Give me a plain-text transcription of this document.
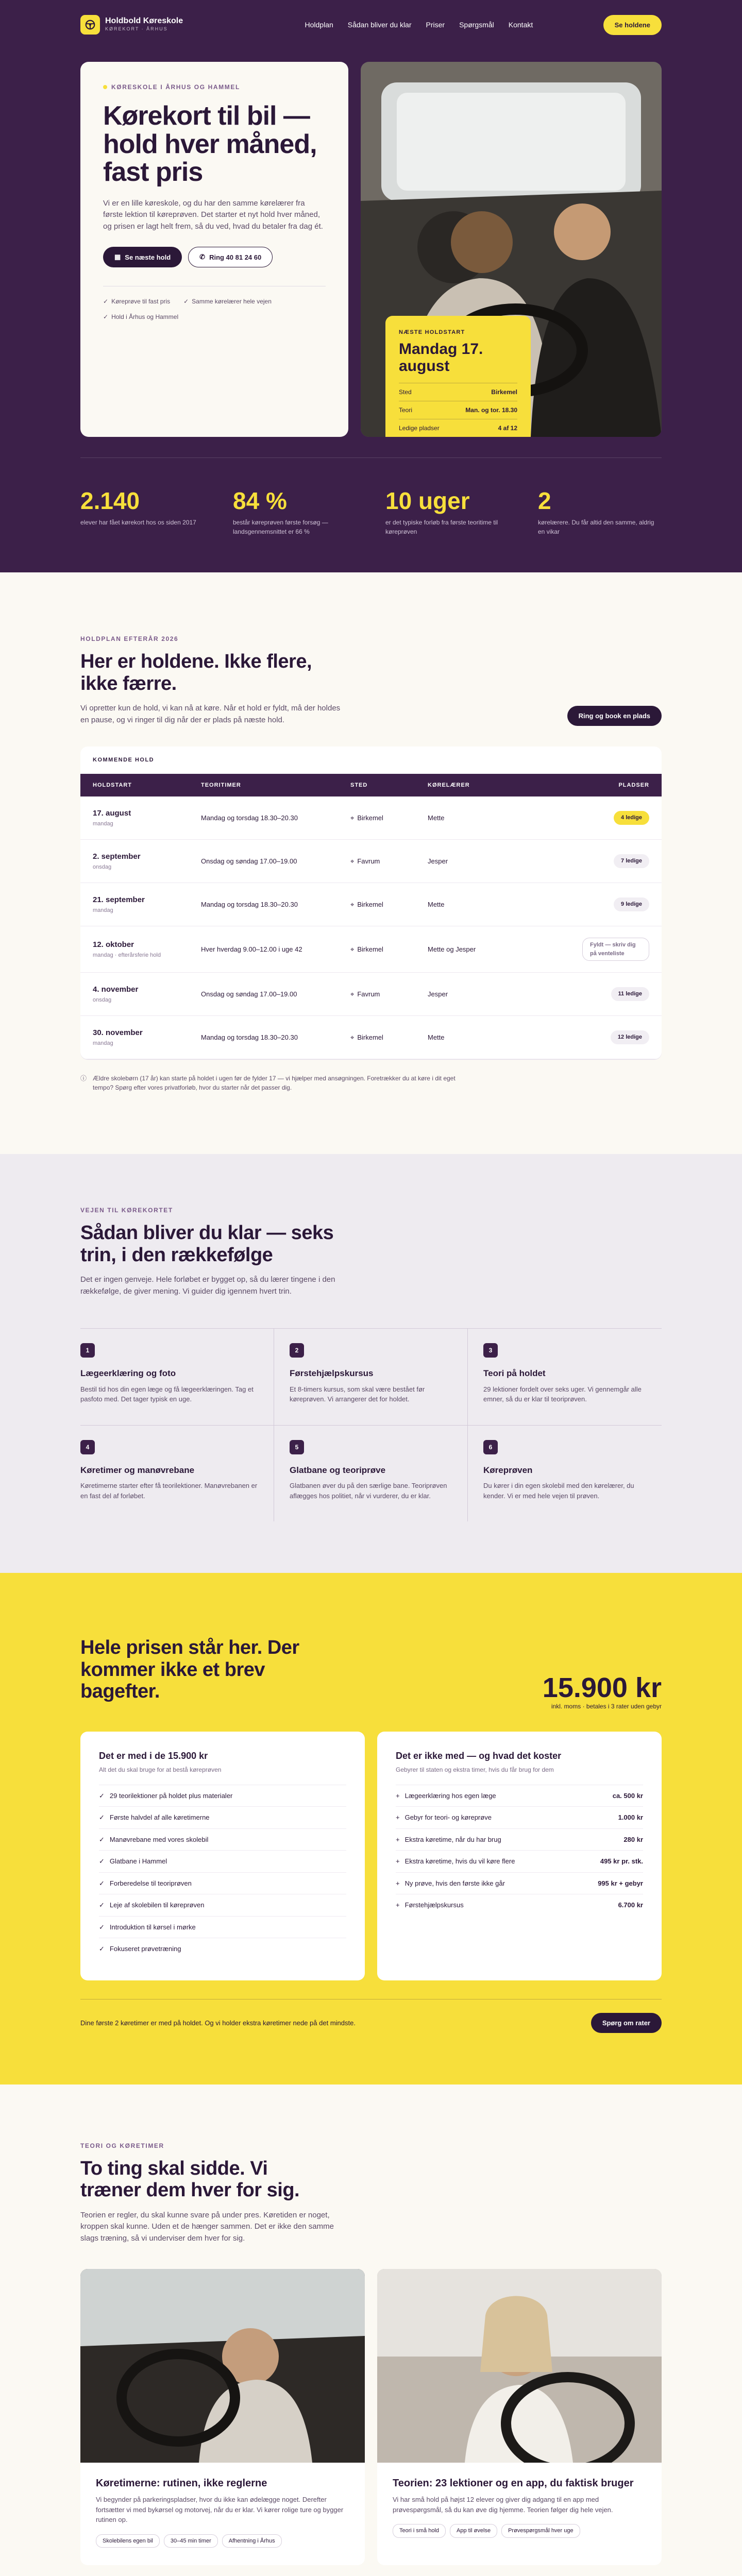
Holdbold Køreskole
KØREKORT · ÅRHUS
Holdplan Sådan bliver du klar Priser Spørgsmål Kontakt	Se holdene
KØRESKOLE I ÅRHUS OG HAMMEL
Kørekort til bil — hold hver måned, fast pris

Vi er en lille køreskole, og du har den samme kørelærer fra første lektion til køreprøven. Det starter et nyt hold hver måned, og prisen er lagt helt frem, så du ved, hvad du betaler fra dag ét.

▦ Se næste hold	✆ Ring 40 81 24 60
✓ Køreprøve til fast pris ✓ Samme kørelærer hele vejen
✓ Hold i Århus og Hammel
NÆSTE HOLDSTART
Mandag 17. august
Sted	Birkemel
Teori	Man. og tor. 18.30
Ledige pladser	4 af 12
2.140
elever har fået kørekort hos os siden 2017
84 %
består køreprøven første forsøg — landsgennemsnittet er 66 %
10 uger
er det typiske forløb fra første teoritime til køreprøven
2
kørelærere. Du får altid den samme, aldrig en vikar
HOLDPLAN EFTERÅR 2026
Her er holdene. Ikke flere, ikke færre.

Vi opretter kun de hold, vi kan nå at køre. Når et hold er fyldt, må der holdes en pause, og vi ringer til dig når der er plads på næste hold.	Ring og book en plads
KOMMENDE HOLD
HOLDSTART	TEORITIMER	STED	KØRELÆRER	PLADSER
17. august
mandag
Mandag og torsdag 18.30–20.30	⌖ Birkemel	Mette	4 ledige
2. september
onsdag
Onsdag og søndag 17.00–19.00	⌖ Favrum	Jesper	7 ledige
21. september
mandag
Mandag og torsdag 18.30–20.30	⌖ Birkemel	Mette	9 ledige
12. oktober
mandag · efterårsferie hold
Hver hverdag 9.00–12.00 i uge 42	⌖ Birkemel	Mette og Jesper
Fyldt — skriv dig på venteliste
4. november
onsdag
Onsdag og søndag 17.00–19.00	⌖ Favrum	Jesper	11 ledige
30. november
mandag
Mandag og torsdag 18.30–20.30	⌖ Birkemel	Mette	12 ledige
ⓘ Ældre skolebørn (17 år) kan starte på holdet i ugen før de fylder 17 — vi hjælper med ansøgningen. Foretrækker du at køre i dit eget tempo? Spørg efter vores privatforløb, hvor du starter når det passer dig.
VEJEN TIL KØREKORTET
Sådan bliver du klar — seks trin, i den rækkefølge

Det er ingen genveje. Hele forløbet er bygget op, så du lærer tingene i den rækkefølge, de giver mening. Vi guider dig igennem hvert trin.

1
Lægeerklæring og foto

Bestil tid hos din egen læge og få lægeerklæringen. Tag et pasfoto med. Det tager typisk en uge.

2
Førstehjælpskursus

Et 8-timers kursus, som skal være bestået før køreprøven. Vi arrangerer det for holdet.

3
Teori på holdet

29 lektioner fordelt over seks uger. Vi gennemgår alle emner, så du er klar til teoriprøven.

4
Køretimer og manøvrebane

Køretimerne starter efter få teorilektioner. Manøvrebanen er en fast del af forløbet.

5
Glatbane og teoriprøve

Glatbanen øver du på den særlige bane. Teoriprøven aflægges hos politiet, når vi vurderer, du er klar.

6
Køreprøven

Du kører i din egen skolebil med den kørelærer, du kender. Vi er med hele vejen til prøven.

Hele prisen står her. Der kommer ikke et brev bagefter.	15.900 kr
inkl. moms · betales i 3 rater uden gebyr
Det er med i de 15.900 kr
Alt det du skal bruge for at bestå køreprøven
✓ 29 teorilektioner på holdet plus materialer
✓ Første halvdel af alle køretimerne
✓ Manøvrebane med vores skolebil
✓ Glatbane i Hammel
✓ Forberedelse til teoriprøven
✓ Leje af skolebilen til køreprøven
✓ Introduktion til kørsel i mørke
✓ Fokuseret prøvetræning
Det er ikke med — og hvad det koster
Gebyrer til staten og ekstra timer, hvis du får brug for dem
+ Lægeerklæring hos egen læge	ca. 500 kr
+ Gebyr for teori- og køreprøve	1.000 kr
+ Ekstra køretime, når du har brug	280 kr
+ Ekstra køretime, hvis du vil køre flere	495 kr pr. stk.
+ Ny prøve, hvis den første ikke går	995 kr + gebyr
+ Førstehjælpskursus	6.700 kr
Dine første 2 køretimer er med på holdet. Og vi holder ekstra køretimer nede på det mindste.	Spørg om rater
TEORI OG KØRETIMER
To ting skal sidde. Vi træner dem hver for sig.

Teorien er regler, du skal kunne svare på under pres. Køretiden er noget, kroppen skal kunne. Uden et de hænger sammen. Det er ikke den samme slags træning, så vi underviser dem hver for sig.

Køretimerne: rutinen, ikke reglerne

Vi begynder på parkeringspladser, hvor du ikke kan ødelægge noget. Derefter fortsætter vi med bykørsel og motorvej, når du er klar. Vi kører rolige ture og bygger rutinen op.

Skolebilens egen bil	30–45 min timer	Afhentning i Århus
Teorien: 23 lektioner og en app, du faktisk bruger

Vi har små hold på højst 12 elever og giver dig adgang til en app med prøvespørgsmål, så du kan øve dig hjemme. Teorien følger dig hele vejen.

Teori i små hold	App til øvelse	Prøvespørgsmål hver uge
